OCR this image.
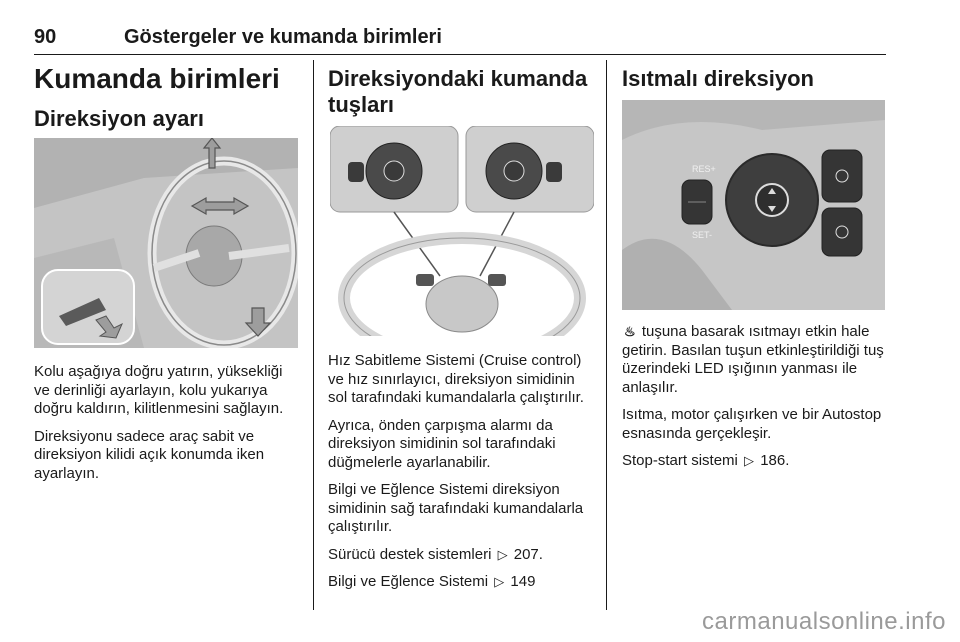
90	Göstergeler ve kumanda birimleri
Kumanda birimleri
Direksiyon ayarı

Kolu aşağıya doğru yatırın, yüksekliği ve derinliği ayarlayın, kolu yukarıya doğru kaldırın, kilitlenmesini sağlayın.

Direksiyonu sadece araç sabit ve direksiyon kilidi açık konumda iken ayarlayın.

Direksiyondaki kumanda
tuşları

Hız Sabitleme Sistemi (Cruise control) ve hız sınırlayıcı, direksiyon simidinin sol tarafındaki kumandalarla çalıştırılır.

Ayrıca, önden çarpışma alarmı da direksiyon simidinin sol tarafındaki düğmelerle ayarlanabilir.

Bilgi ve Eğlence Sistemi direksiyon simidinin sağ tarafındaki kumandalarla çalıştırılır.

Sürücü destek sistemleri ▷ 207.

Bilgi ve Eğlence Sistemi ▷ 149

Isıtmalı direksiyon
RES+
SET-

♨ tuşuna basarak ısıtmayı etkin hale getirin. Basılan tuşun etkinleştirildiği tuş üzerindeki LED ışığının yanması ile anlaşılır.

Isıtma, motor çalışırken ve bir Autostop esnasında gerçekleşir.

Stop-start sistemi ▷ 186.

carmanualsonline.info
